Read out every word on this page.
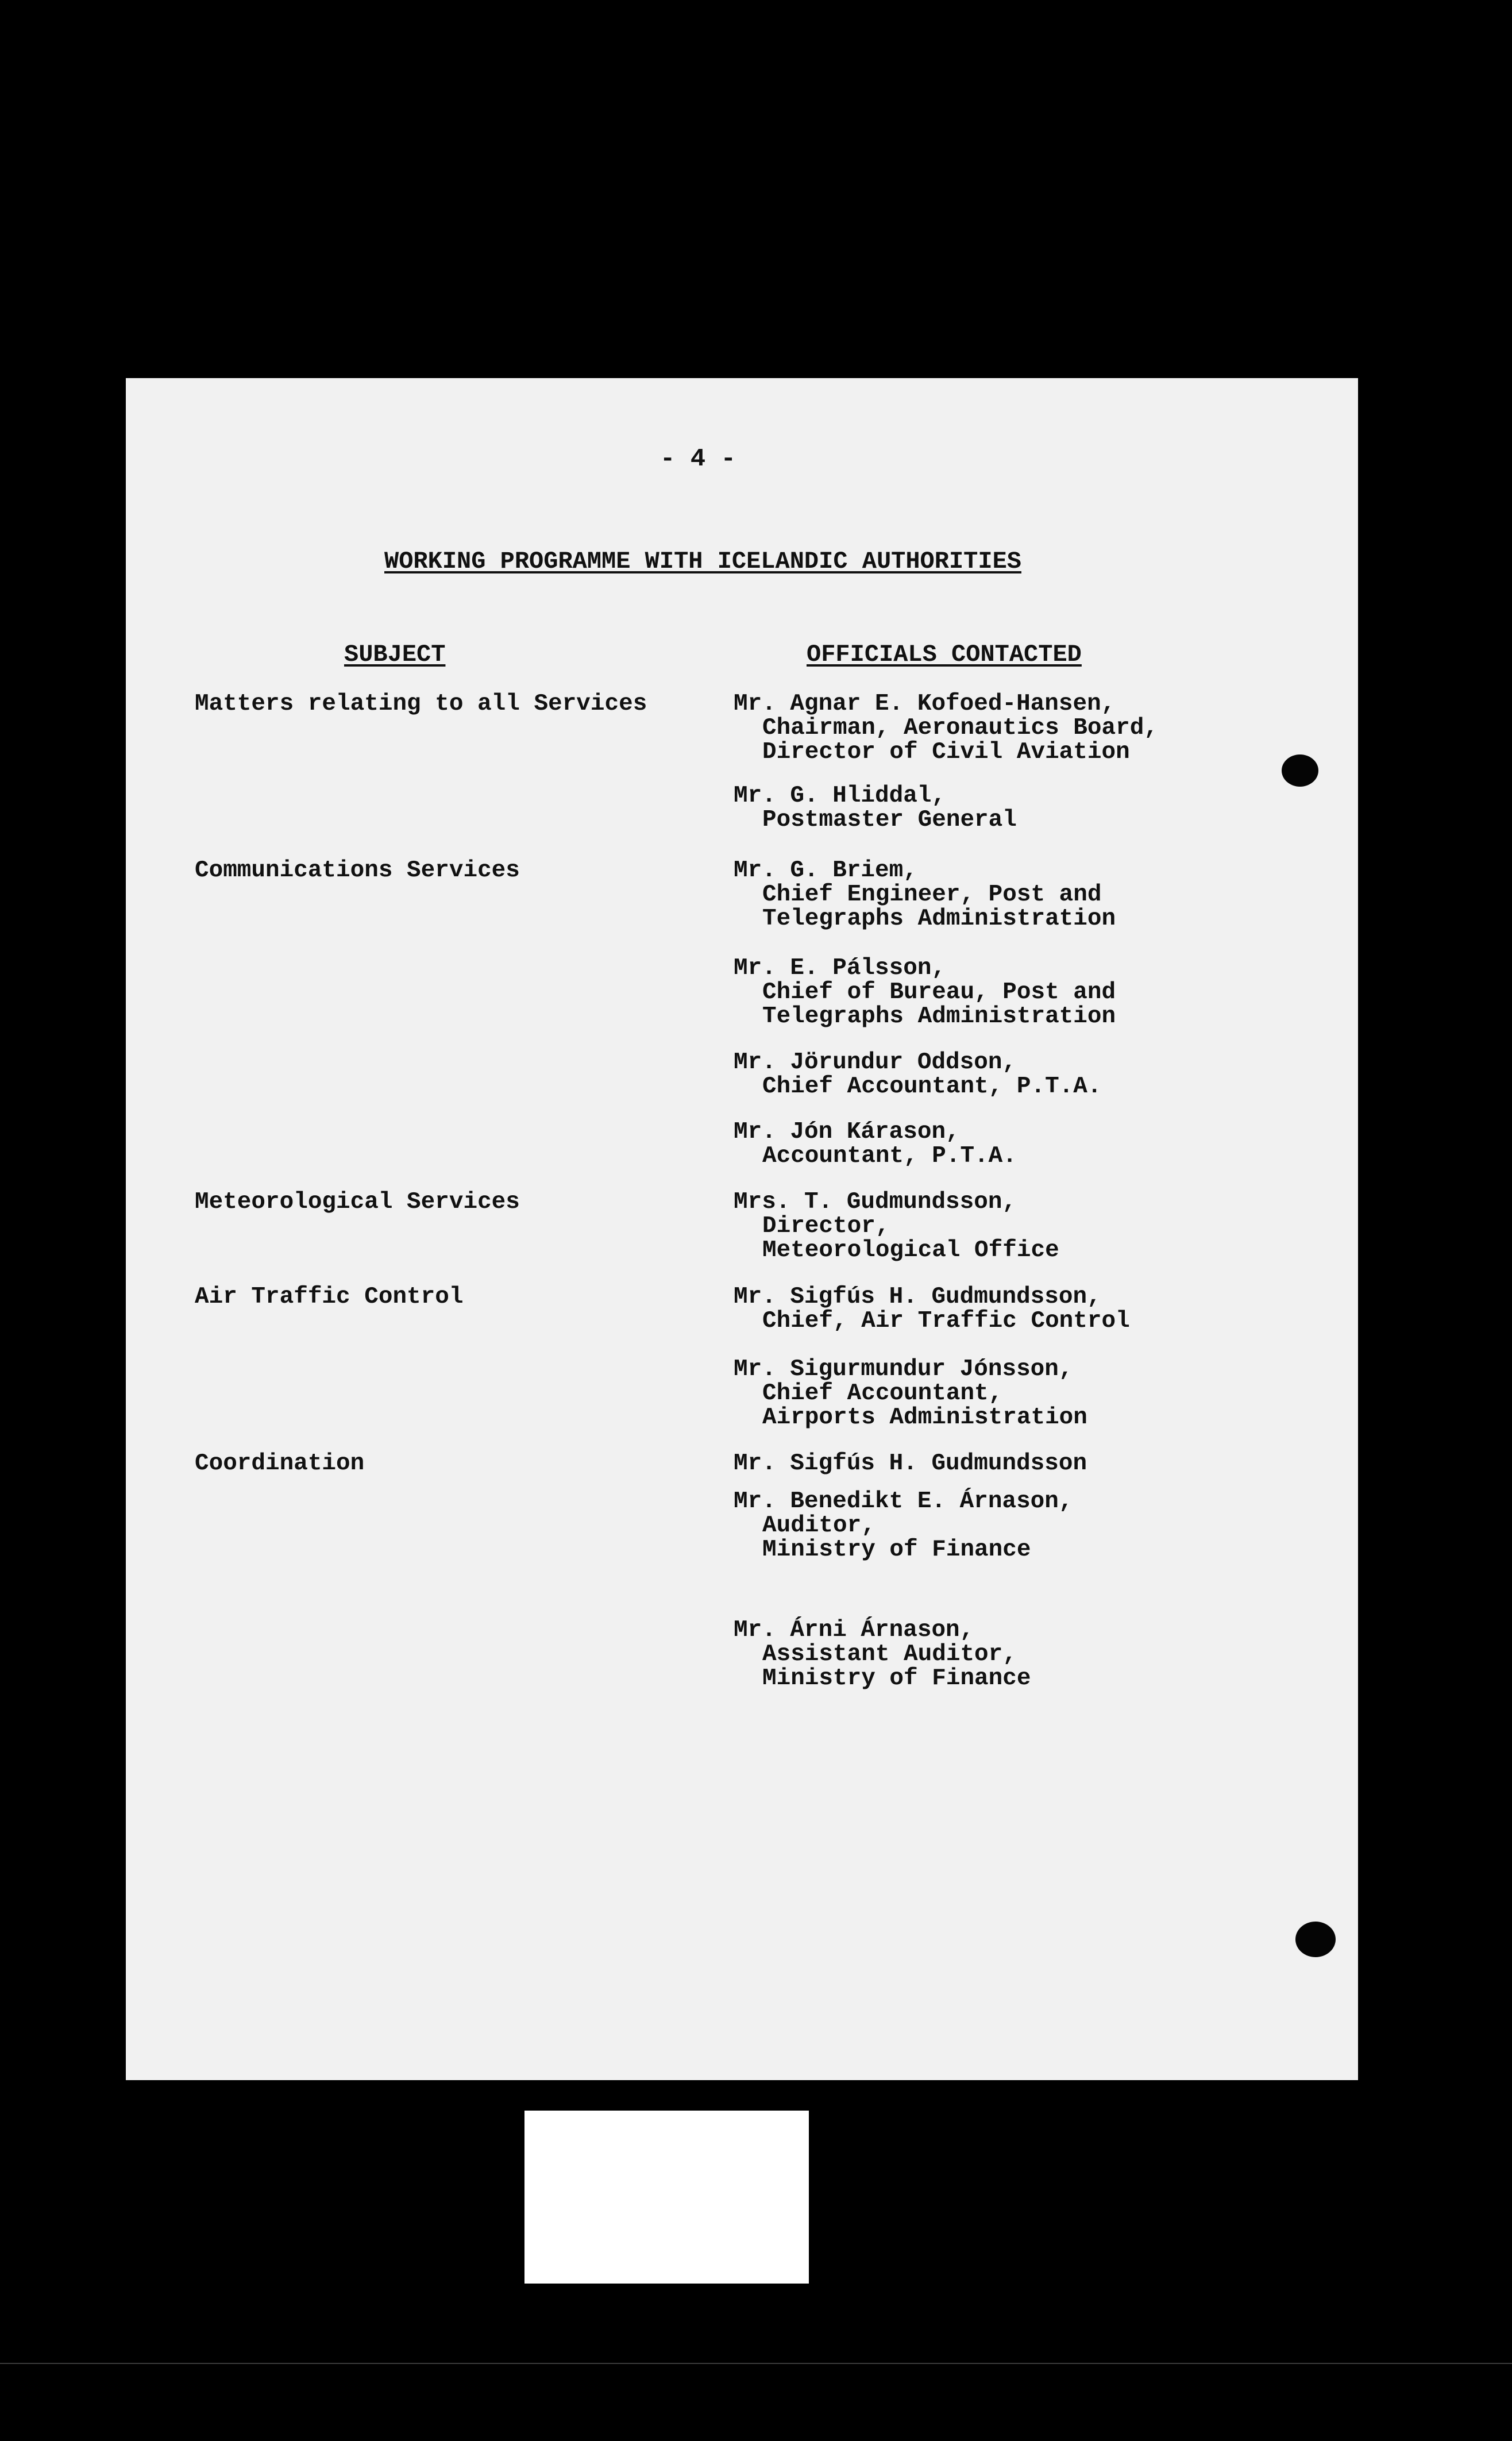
- 4 -
WORKING PROGRAMME WITH ICELANDIC AUTHORITIES
SUBJECT	OFFICIALS CONTACTED
Matters relating to all Services	Mr. Agnar E. Kofoed-Hansen,
Chairman, Aeronautics Board,
Director of Civil Aviation
Mr. G. Hliddal,
Postmaster General
Communications Services	Mr. G. Briem,
Chief Engineer, Post and
Telegraphs Administration
Mr. E. Pálsson,
Chief of Bureau, Post and
Telegraphs Administration
Mr. Jörundur Oddson,
Chief Accountant, P.T.A.
Mr. Jón Kárason,
Accountant, P.T.A.
Meteorological Services	Mrs. T. Gudmundsson,
Director,
Meteorological Office
Air Traffic Control	Mr. Sigfús H. Gudmundsson,
Chief, Air Traffic Control
Mr. Sigurmundur Jónsson,
Chief Accountant,
Airports Administration
Coordination	Mr. Sigfús H. Gudmundsson
Mr. Benedikt E. Árnason,
Auditor,
Ministry of Finance
Mr. Árni Árnason,
Assistant Auditor,
Ministry of Finance
